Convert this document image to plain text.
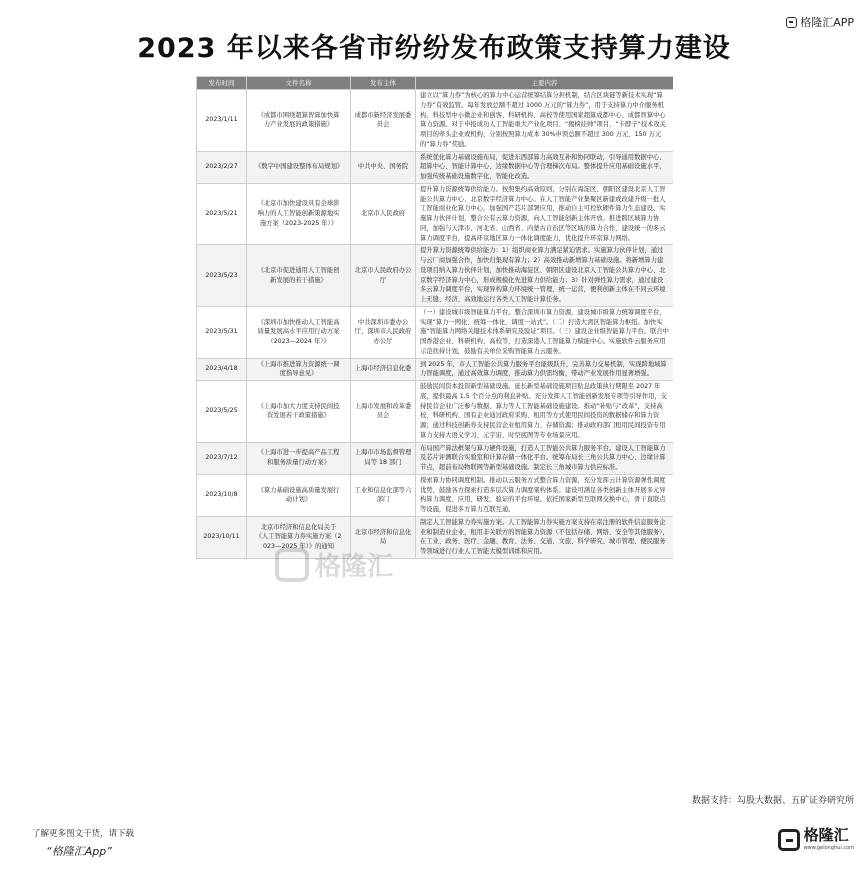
格隆汇APP
2023 年以来各省市纷纷发布政策支持算力建设
发布时间	文件名称	发布主体	主要内容
2023/1/11	《成都市围绕超算智算加快算力产业发展的政策措施》	成都市新经济发展委员会	建立以“算力券”为核心的算力中心运营统筹结算分担机制，结合区块链等新技术实现“算力券”有效监管。每年发放总额不超过 1000 万元的“算力券”，用于支持算力中介服务机构、科技型中小微企业和创客、科研机构、高校等使用国家超算成都中心、成都智算中心算力资源。对于申报成功人工智能重大产业化项目、“揭榜挂帅”项目、“卡脖子”技术攻关项目的牵头企业或机构，分别按照算力成本 30%申领总额不超过 300 万元、150 万元的“算力券”奖励。
2023/2/27	《数字中国建设整体布局规划》	中共中央、国务院	系统优化算力基础设施布局，促进东西部算力高效互补和协同联动，引导通用数据中心、超算中心、智能计算中心、边缘数据中心等合理梯次布局。整体提升应用基础设施水平，加强传统基础设施数字化、智能化改造。
2023/5/21	《北京市加快建设具有全球影响力的人工智能创新策源地实施方案（2023-2025 年）》	北京市人民政府	提升算力资源统筹供给能力。按照集约高效原则，分别在海淀区、朝阳区建设北京人工智能公共算力中心、北京数字经济算力中心。在人工智能产业集聚区新建或改建升级一批人工智能商业化算力中心，加强国产芯片部署应用，推动自主可控软硬件算力生态建设。实施算力伙伴计划，整合公有云算力资源，向人工智能创新主体开放。推进跨区域算力协同，加强与天津市、河北省、山西省、内蒙古自治区等区域的算力合作，建设统一的多云算力调度平台，提高环京地区算力一体化调度能力，优化提升环京算力网络。
2023/5/23	《北京市促进通用人工智能创新发展的若干措施》	北京市人民政府办公厅	提升算力资源统筹供给能力：1）组织商业算力满足紧迫需求。实施算力伙伴计划，通过与云厂商加强合作，加快归集现有算力；2）高效推动新增算力基础设施。将新增算力建设项目纳入算力伙伴计划，加快推动海淀区、朝阳区建设北京人工智能公共算力中心、北京数字经济算力中心，形成规模化先进算力供给能力；3）针对弹性算力需求，通过建设多云算力调度平台，实现异构算力环境统一管理、统一运营，便利创新主体在不同云环境上无缝、经济、高效地运行各类人工智能计算任务。
2023/5/31	《深圳市加快推动人工智能高质量发展高水平应用行动方案（2023—2024 年）》	中共深圳市委办公厅、深圳市人民政府办公厅	（一）建设城市级智能算力平台。整合深圳市算力资源，建设城市级算力统筹调度平台，实现“算力一网化、统筹一体化、调度一站式”。（二）打造大湾区智能算力枢纽。加快实施“智能算力网络关键技术体系研究及验证”项目。（三）建设企业级智能算力平台。联合中国香港企业、科研机构、高校等，打造深港人工智能算力赋能中心。实施软件云服务应用示范扶持计划，鼓励有关单位采购智能算力云服务。
2023/4/18	《上海市推进算力资源统一调度指导意见》	上海市经济信息化委	到 2025 年，市人工智能公共算力服务平台能级跃升，完善算力交易机制，实现跨地域算力智能调度，通过高效算力调度，推动算力供需均衡，带动产业发展作用显著增强。
2023/5/25	《上海市加大力度支持民间投资发展若干政策措施》	上海市发展和改革委员会	鼓励民间资本投资新型基础设施。延长新型基础设施项目贴息政策执行期限至 2027 年底，提供最高 1.5 个百分点的利息补贴。充分发挥人工智能创新发展专项等引导作用，支持民营企业广泛参与数据、算力等人工智能基础设施建设。推动“补贴与“改革”，支持高校、科研机构、国有企业通过政府采购、租用等方式使用民间投资的数据储存和算力资源；通过科技创新券支持民营企业租用算力、存储资源；推动政府部门租用民间投资专用算力支持大语义学习、元宇宙、时空底图等专业场景应用。
2023/7/12	《上海市进一步提高产品工程和服务质量行动方案》	上海市市场监督管理局等 18 部门	布局国产算法框架与算力硬件设施，打造人工智能公共算力服务平台。建设人工智能算力及芯片评测联合实验室和计算存储一体化平台。统筹布局长三角公共算力中心、边缘计算节点，超前布局物联网等新型基础设施。制定长三角城市算力供应标准。
2023/10/8	《算力基础设施高质量发展行动计划》	工业和信息化部等六部门	探索算力协同调度机制。推动以云服务方式整合算力资源，充分发挥云计算资源弹性调度优势，鼓励各方探索打造多层次算力调度架构体系。建设可满足各类创新主体开展多元异构算力调度、应用、研发、验证的平台环境。依托国家新型互联网交换中心，骨干直联点等设施，促进多方算力互联互通。
2023/10/11	北京市经济和信息化局关于《人工智能算力券实施方案（2023—2025 年）》的通知	北京市经济和信息化局	制定人工智能算力券实施方案。人工智能算力券实施方案支持在京注册的软件信息服务企业和制造业企业，租用非关联方的智能算力资源（不包括存储、网络、安全等其他服务），在工业、政务、医疗、金融、教育、法务、交通、文旅、科学研究、城市管理、便民服务等领域进行行业人工智能大模型训练和应用。
格隆汇
数据支持：勾股大数据、五矿证券研究所
了解更多图文干货，请下载
“格隆汇App”
格隆汇
www.gelonghui.com
